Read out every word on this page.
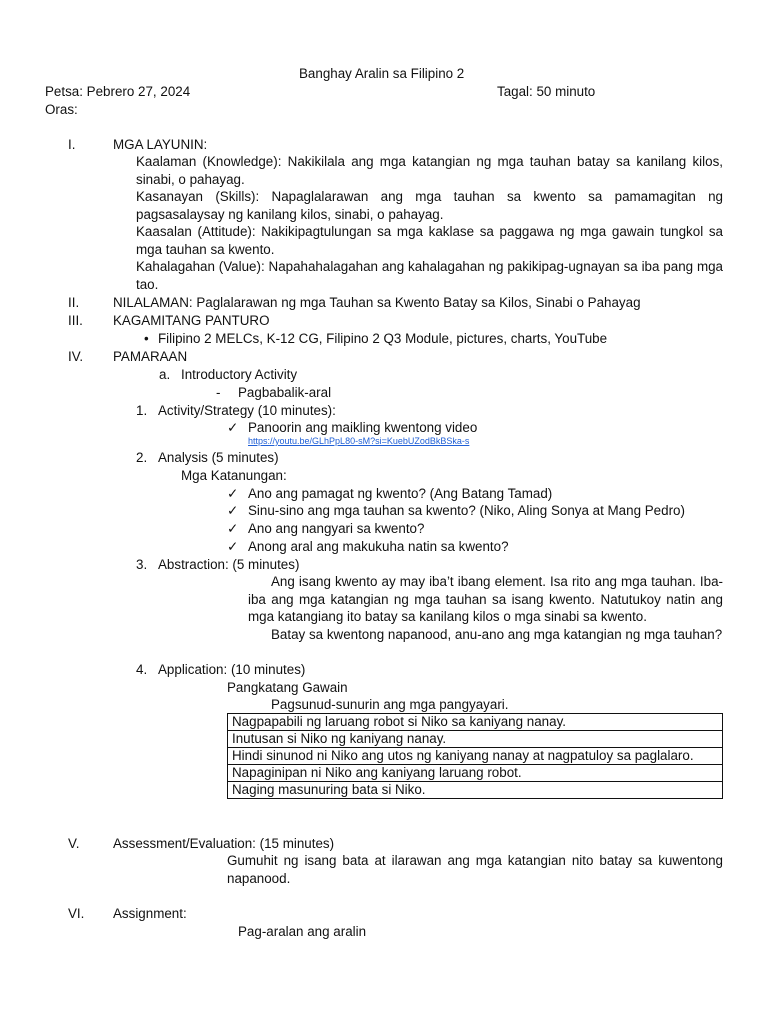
Banghay Aralin sa Filipino 2
Petsa: Pebrero 27, 2024	Tagal: 50 minuto
Oras:
I.	MGA LAYUNIN:
Kaalaman (Knowledge): Nakikilala ang mga katangian ng mga tauhan batay sa kanilang kilos, sinabi, o pahayag.
Kasanayan (Skills): Napaglalarawan ang mga tauhan sa kwento sa pamamagitan ng pagsasalaysay ng kanilang kilos, sinabi, o pahayag.
Kaasalan (Attitude): Nakikipagtulungan sa mga kaklase sa paggawa ng mga gawain tungkol sa mga tauhan sa kwento.
Kahalagahan (Value): Napahahalagahan ang kahalagahan ng pakikipag-ugnayan sa iba pang mga tao.
II.	NILALAMAN: Paglalarawan ng mga Tauhan sa Kwento Batay sa Kilos, Sinabi o Pahayag
III. KAGAMITANG PANTURO
• Filipino 2 MELCs, K-12 CG, Filipino 2 Q3 Module, pictures, charts, YouTube
IV. PAMARAAN
a. Introductory Activity
- Pagbabalik-aral
1. Activity/Strategy (10 minutes):
✓ Panoorin ang maikling kwentong video
https://youtu.be/GLhPpL80-sM?si=KuebUZodBkBSka-s
2. Analysis (5 minutes)
Mga Katanungan:
✓ Ano ang pamagat ng kwento? (Ang Batang Tamad)
✓ Sinu-sino ang mga tauhan sa kwento? (Niko, Aling Sonya at Mang Pedro)
✓ Ano ang nangyari sa kwento?
✓ Anong aral ang makukuha natin sa kwento?
3. Abstraction: (5 minutes)
Ang isang kwento ay may iba’t ibang element. Isa rito ang mga tauhan. Iba-iba ang mga katangian ng mga tauhan sa isang kwento. Natutukoy natin ang mga katangiang ito batay sa kanilang kilos o mga sinabi sa kwento.
Batay sa kwentong napanood, anu-ano ang mga katangian ng mga tauhan?
4. Application: (10 minutes)
Pangkatang Gawain
Pagsunud-sunurin ang mga pangyayari.
Nagpapabili ng laruang robot si Niko sa kaniyang nanay.
Inutusan si Niko ng kaniyang nanay.
Hindi sinunod ni Niko ang utos ng kaniyang nanay at nagpatuloy sa paglalaro.
Napaginipan ni Niko ang kaniyang laruang robot.
Naging masunuring bata si Niko.
V.	Assessment/Evaluation: (15 minutes)
Gumuhit ng isang bata at ilarawan ang mga katangian nito batay sa kuwentong napanood.
VI. Assignment:
Pag-aralan ang aralin
